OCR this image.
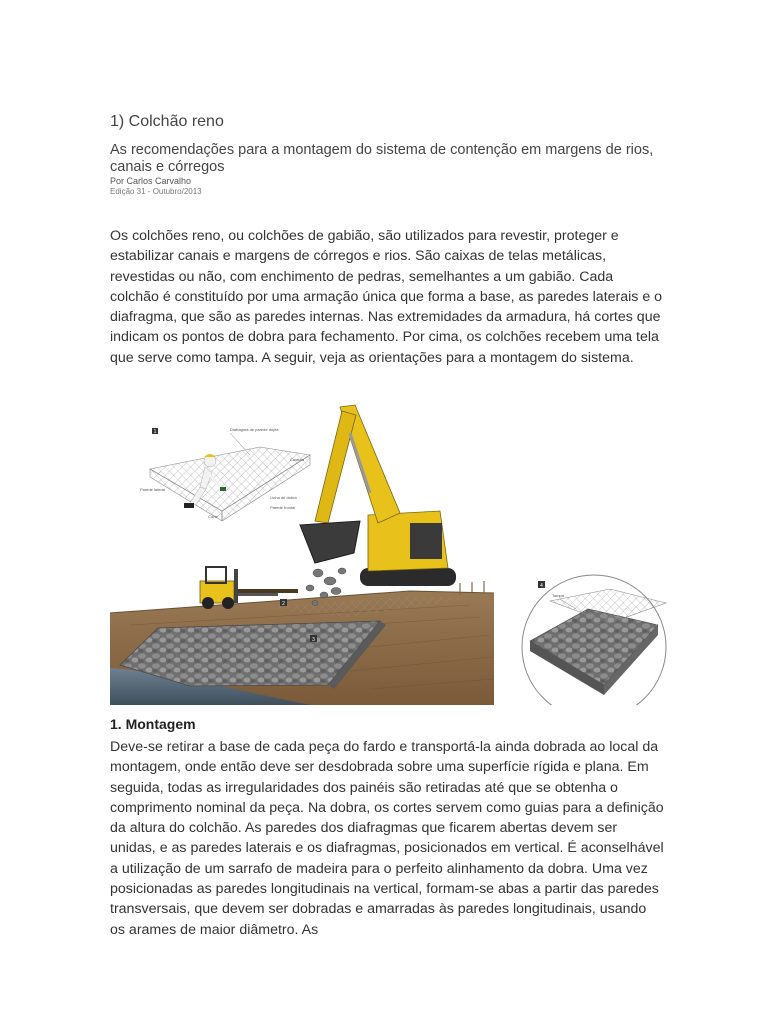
1) Colchão reno
As recomendações para a montagem do sistema de contenção em margens de rios, canais e córregos
Por Carlos Carvalho
Edição 31 - Outubro/2013
Os colchões reno, ou colchões de gabião, são utilizados para revestir, proteger e estabilizar canais e margens de córregos e rios. São caixas de telas metálicas, revestidas ou não, com enchimento de pedras, semelhantes a um gabião. Cada colchão é constituído por uma armação única que forma a base, as paredes laterais e o diafragma, que são as paredes internas. Nas extremidades da armadura, há cortes que indicam os pontos de dobra para fechamento. Por cima, os colchões recebem uma tela que serve como tampa. A seguir, veja as orientações para a montagem do sistema.
1	Diafragma de parede dupla
Costura
Parede lateral
Linha de dobra
Parede frontal
Corte
2
3
4
Tampa
1. Montagem
Deve-se retirar a base de cada peça do fardo e transportá-la ainda dobrada ao local da montagem, onde então deve ser desdobrada sobre uma superfície rígida e plana. Em seguida, todas as irregularidades dos painéis são retiradas até que se obtenha o comprimento nominal da peça. Na dobra, os cortes servem como guias para a definição da altura do colchão. As paredes dos diafragmas que ficarem abertas devem ser unidas, e as paredes laterais e os diafragmas, posicionados em vertical. É aconselhável a utilização de um sarrafo de madeira para o perfeito alinhamento da dobra. Uma vez posicionadas as paredes longitudinais na vertical, formam-se abas a partir das paredes transversais, que devem ser dobradas e amarradas às paredes longitudinais, usando os arames de maior diâmetro. As
